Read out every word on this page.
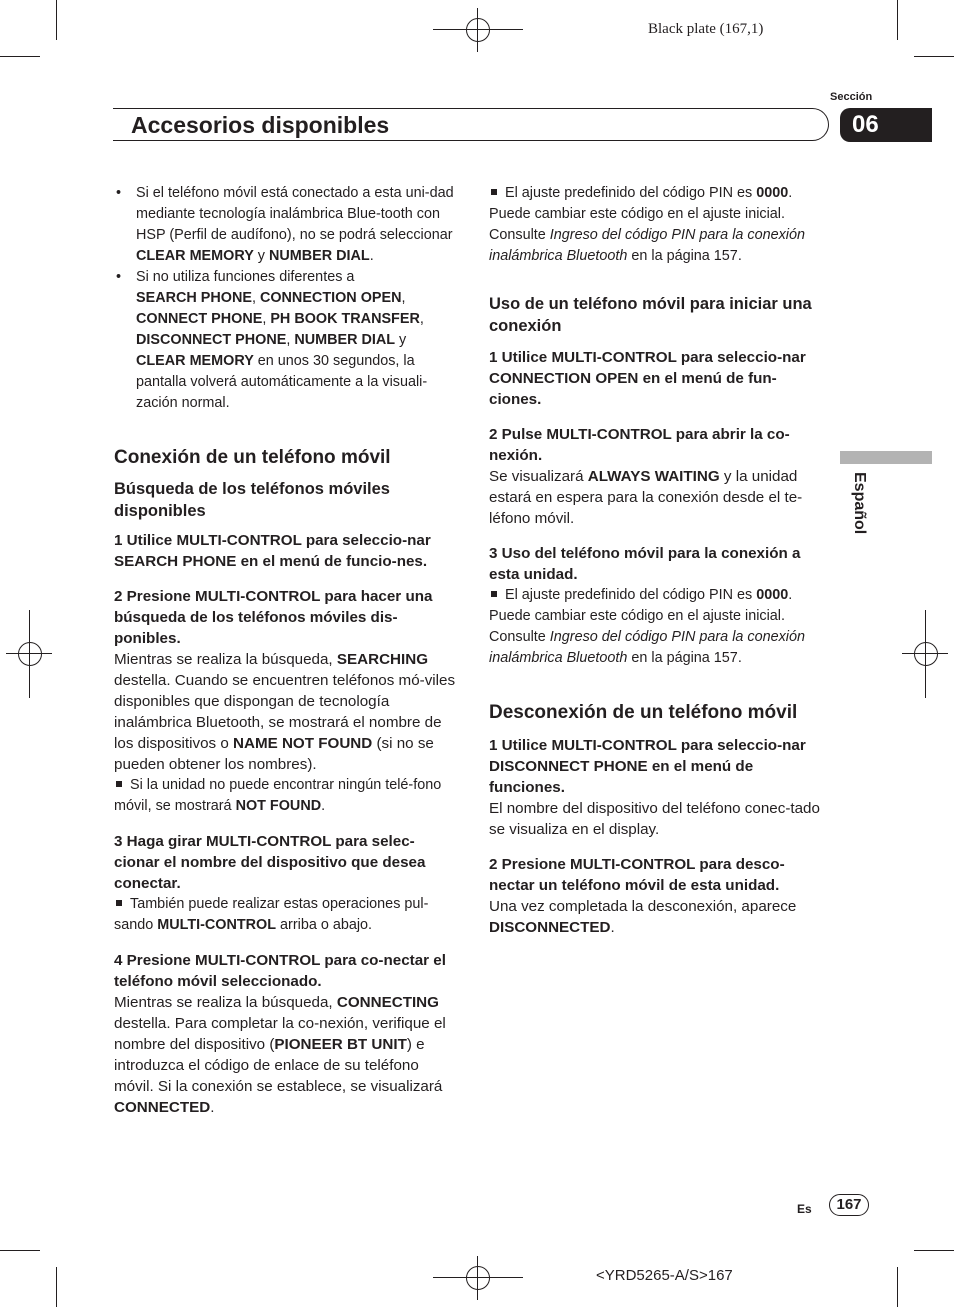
Black plate (167,1)
Sección
Accesorios disponibles	06
Español

• Si el teléfono móvil está conectado a esta uni-dad mediante tecnología inalámbrica Blue-tooth con HSP (Perfil de audífono), no se podrá seleccionar CLEAR MEMORY y NUMBER DIAL.

• Si no utiliza funciones diferentes a
SEARCH PHONE, CONNECTION OPEN,
CONNECT PHONE, PH BOOK TRANSFER,
DISCONNECT PHONE, NUMBER DIAL y
CLEAR MEMORY en unos 30 segundos, la pantalla volverá automáticamente a la visuali-zación normal.

Conexión de un teléfono móvil

Búsqueda de los teléfonos móviles disponibles

1 Utilice MULTI-CONTROL para seleccio-nar SEARCH PHONE en el menú de funcio-nes.

2 Presione MULTI-CONTROL para hacer una búsqueda de los teléfonos móviles dis-ponibles.

Mientras se realiza la búsqueda, SEARCHING destella. Cuando se encuentren teléfonos mó-viles disponibles que dispongan de tecnología inalámbrica Bluetooth, se mostrará el nombre de los dispositivos o NAME NOT FOUND (si no se pueden obtener los nombres).

Si la unidad no puede encontrar ningún telé-fono móvil, se mostrará NOT FOUND.

3 Haga girar MULTI-CONTROL para selec-cionar el nombre del dispositivo que desea conectar.

También puede realizar estas operaciones pul-sando MULTI-CONTROL arriba o abajo.

4 Presione MULTI-CONTROL para co-nectar el teléfono móvil seleccionado.

Mientras se realiza la búsqueda, CONNECTING destella. Para completar la co-nexión, verifique el nombre del dispositivo (PIONEER BT UNIT) e introduzca el código de enlace de su teléfono móvil. Si la conexión se establece, se visualizará CONNECTED.

El ajuste predefinido del código PIN es 0000. Puede cambiar este código en el ajuste inicial. Consulte Ingreso del código PIN para la conexión inalámbrica Bluetooth en la página 157.

Uso de un teléfono móvil para iniciar una conexión

1 Utilice MULTI-CONTROL para seleccio-nar CONNECTION OPEN en el menú de fun-ciones.

2 Pulse MULTI-CONTROL para abrir la co-nexión.

Se visualizará ALWAYS WAITING y la unidad estará en espera para la conexión desde el te-léfono móvil.

3 Uso del teléfono móvil para la conexión a esta unidad.

El ajuste predefinido del código PIN es 0000. Puede cambiar este código en el ajuste inicial. Consulte Ingreso del código PIN para la conexión inalámbrica Bluetooth en la página 157.

Desconexión de un teléfono móvil

1 Utilice MULTI-CONTROL para seleccio-nar DISCONNECT PHONE en el menú de funciones.

El nombre del dispositivo del teléfono conec-tado se visualiza en el display.

2 Presione MULTI-CONTROL para desco-nectar un teléfono móvil de esta unidad.

Una vez completada la desconexión, aparece
DISCONNECTED.

Es	167
<YRD5265-A/S>167
